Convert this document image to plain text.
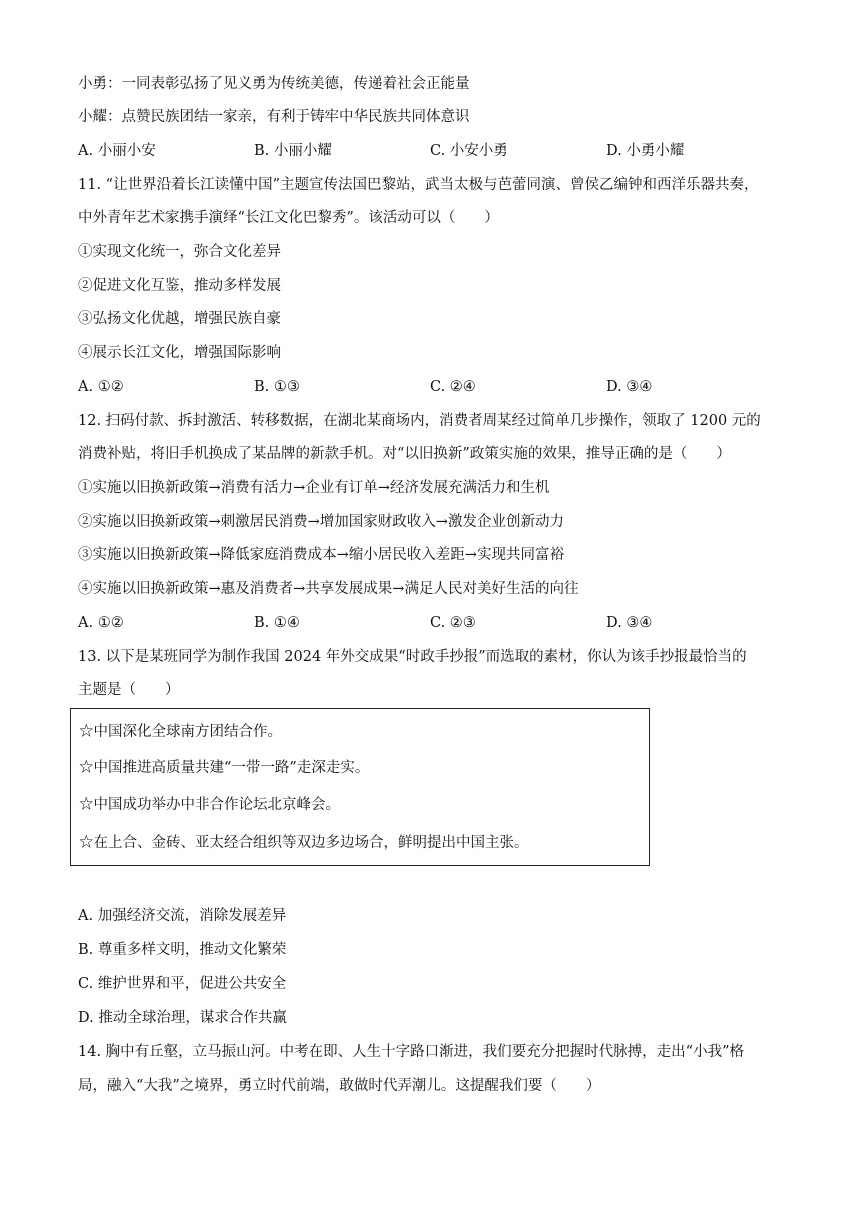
小勇：一同表彰弘扬了见义勇为传统美德，传递着社会正能量
小耀：点赞民族团结一家亲，有利于铸牢中华民族共同体意识
A. 小丽小安	B. 小丽小耀	C. 小安小勇	D. 小勇小耀
11. “让世界沿着长江读懂中国”主题宣传法国巴黎站，武当太极与芭蕾同演、曾侯乙编钟和西洋乐器共奏，
中外青年艺术家携手演绎“长江文化巴黎秀”。该活动可以（　　）
①实现文化统一，弥合文化差异
②促进文化互鉴，推动多样发展
③弘扬文化优越，增强民族自豪
④展示长江文化，增强国际影响
A. ①②	B. ①③	C. ②④	D. ③④
12. 扫码付款、拆封激活、转移数据，在湖北某商场内，消费者周某经过简单几步操作，领取了 1200 元的
消费补贴，将旧手机换成了某品牌的新款手机。对“以旧换新”政策实施的效果，推导正确的是（　　）
①实施以旧换新政策→消费有活力→企业有订单→经济发展充满活力和生机
②实施以旧换新政策→刺激居民消费→增加国家财政收入→激发企业创新动力
③实施以旧换新政策→降低家庭消费成本→缩小居民收入差距→实现共同富裕
④实施以旧换新政策→惠及消费者→共享发展成果→满足人民对美好生活的向往
A. ①②	B. ①④	C. ②③	D. ③④
13. 以下是某班同学为制作我国 2024 年外交成果“时政手抄报”而选取的素材，你认为该手抄报最恰当的
主题是（　　）
☆中国深化全球南方团结合作。
☆中国推进高质量共建“一带一路”走深走实。
☆中国成功举办中非合作论坛北京峰会。
☆在上合、金砖、亚太经合组织等双边多边场合，鲜明提出中国主张。
A. 加强经济交流，消除发展差异
B. 尊重多样文明，推动文化繁荣
C. 维护世界和平，促进公共安全
D. 推动全球治理，谋求合作共赢
14. 胸中有丘壑，立马振山河。中考在即、人生十字路口渐进，我们要充分把握时代脉搏，走出“小我”格
局，融入“大我”之境界，勇立时代前端，敢做时代弄潮儿。这提醒我们要（　　）
